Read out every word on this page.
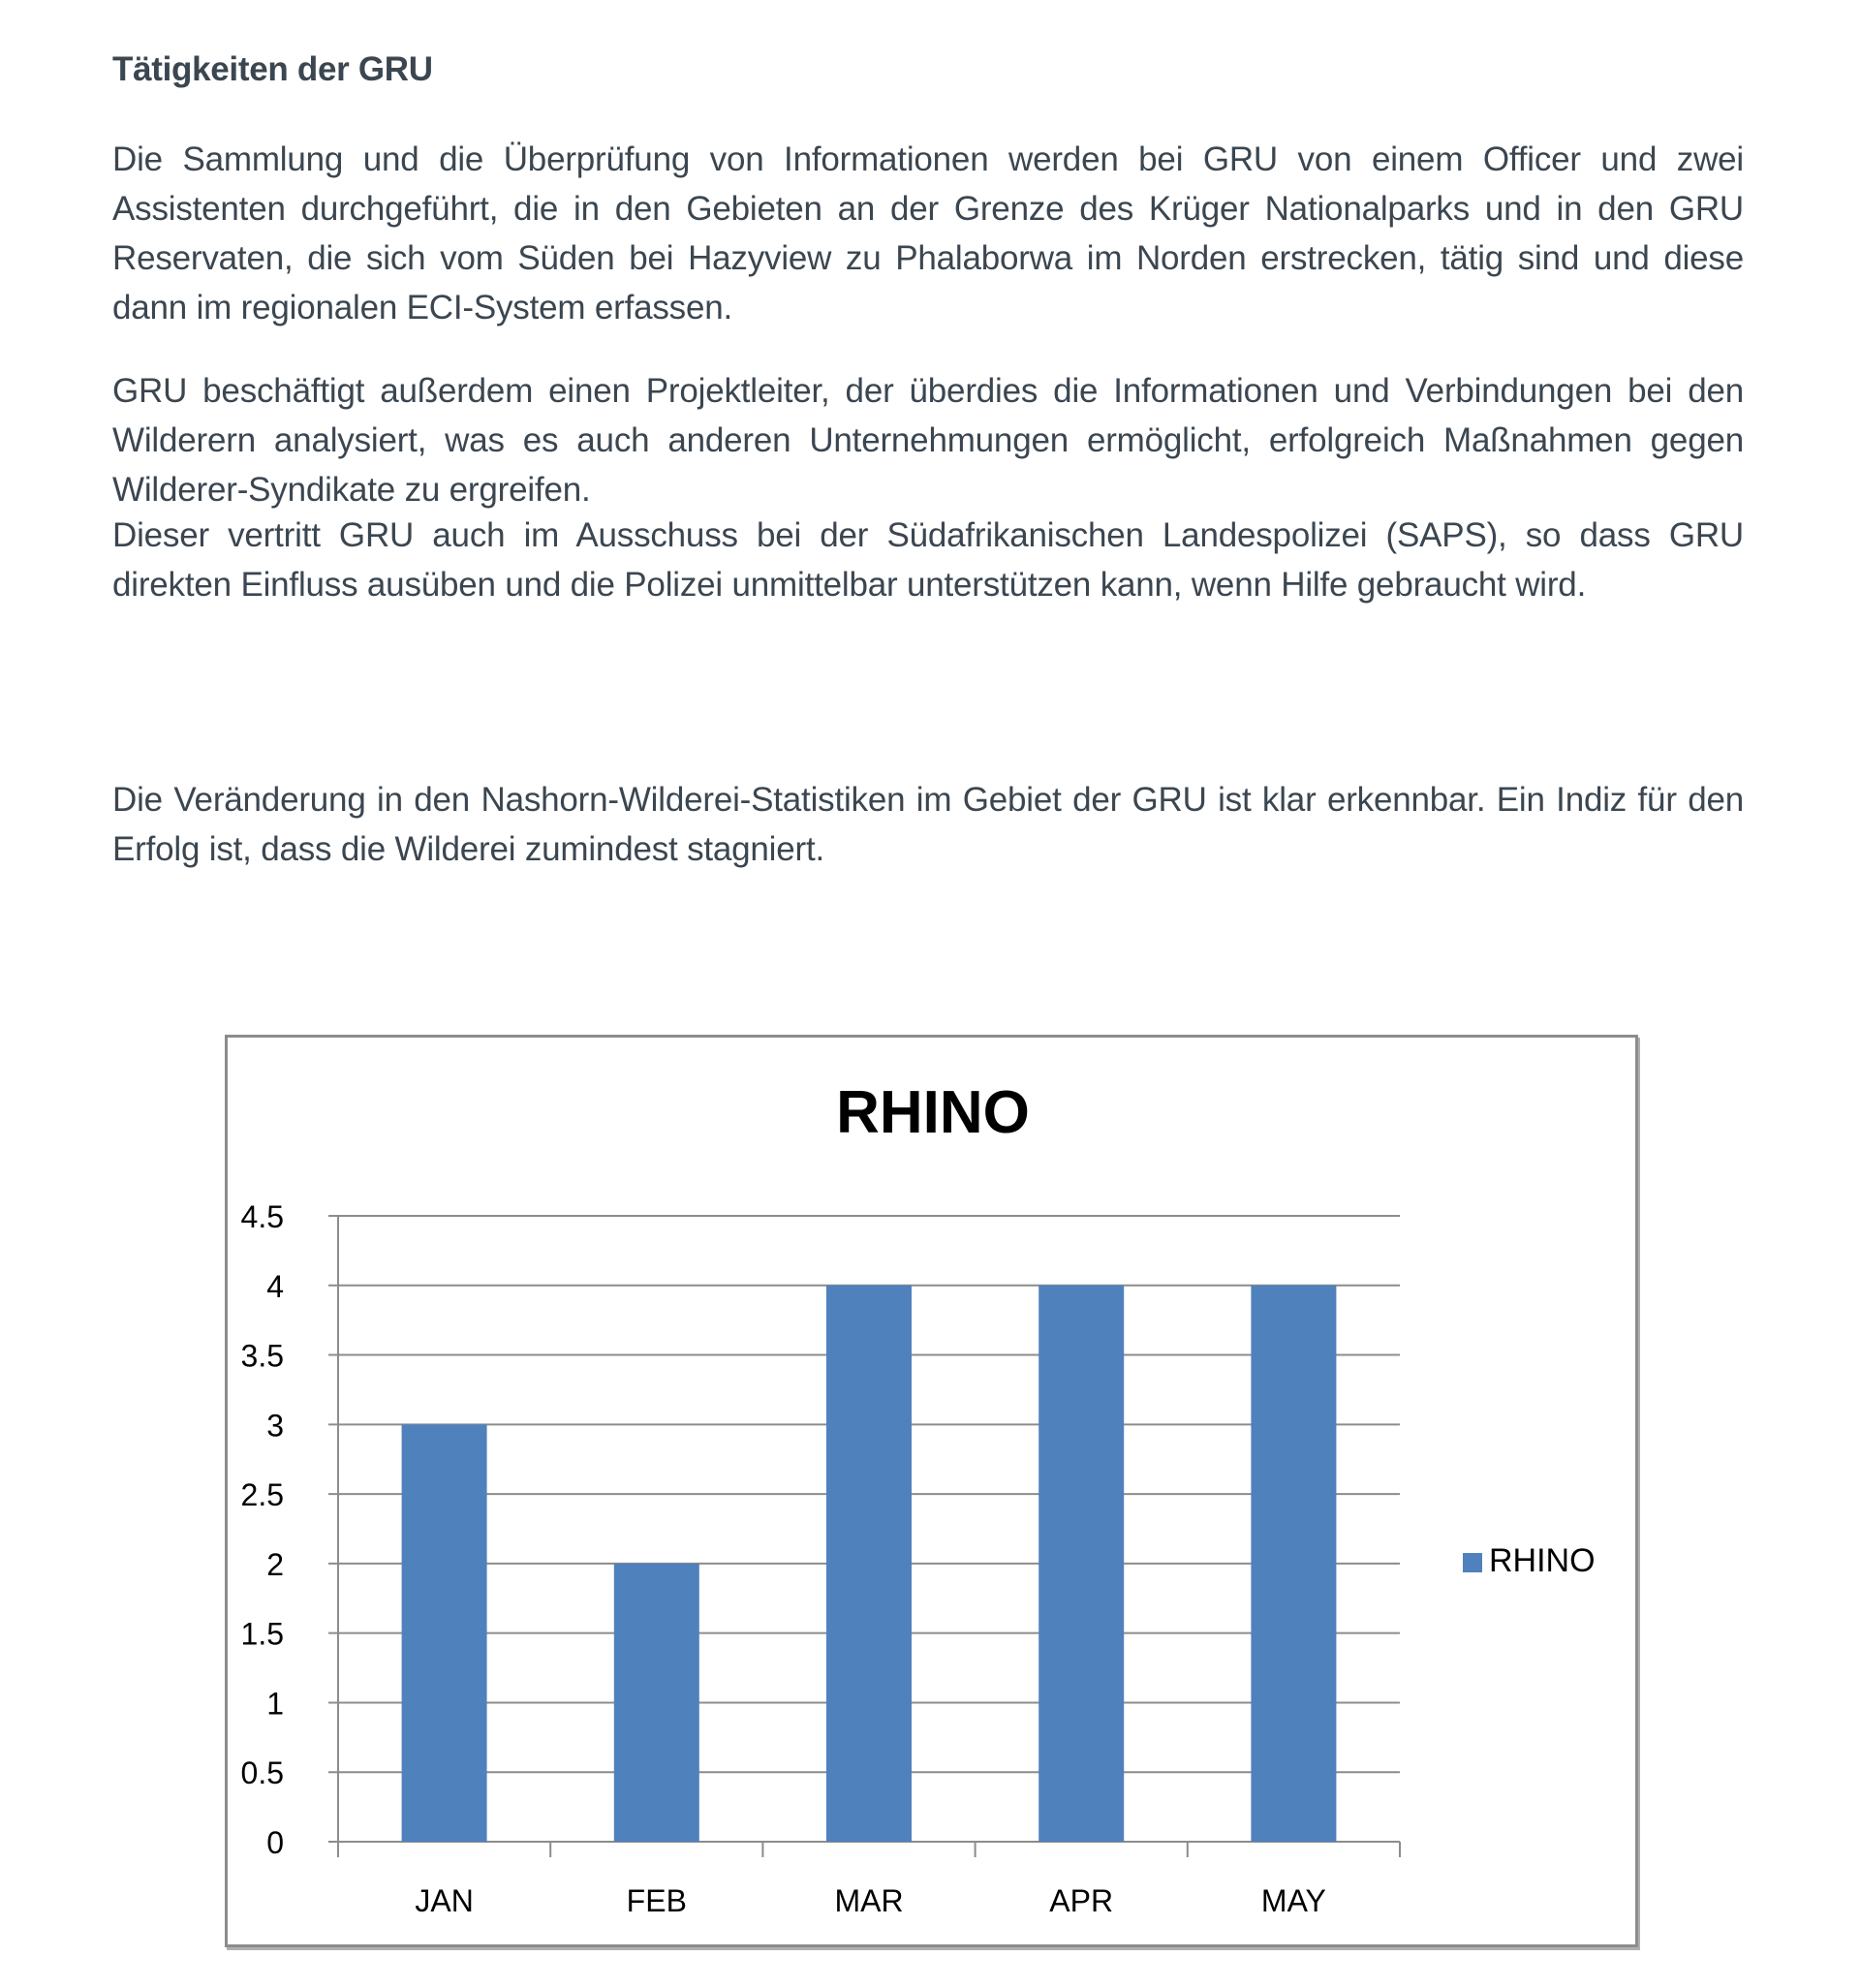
Tätigkeiten der GRU

Die Sammlung und die Überprüfung von Informationen werden bei GRU von einem Officer und zwei Assistenten durchgeführt, die in den Gebieten an der Grenze des Krüger Nationalparks und in den GRU Reservaten, die sich vom Süden bei Hazyview zu Phalaborwa im Norden erstrecken, tätig sind und diese dann im regionalen ECI-System erfassen.

GRU beschäftigt außerdem einen Projektleiter, der überdies die Informationen und Verbindungen bei den Wilderern analysiert, was es auch anderen Unternehmungen ermöglicht, erfolgreich Maßnahmen gegen Wilderer-Syndikate zu ergreifen.

Dieser vertritt GRU auch im Ausschuss bei der Südafrikanischen Landespolizei (SAPS), so dass GRU direkten Einfluss ausüben und die Polizei unmittelbar unterstützen kann, wenn Hilfe gebraucht wird.

Die Veränderung in den Nashorn-Wilderei-Statistiken im Gebiet der GRU ist klar erkennbar. Ein Indiz für den Erfolg ist, dass die Wilderei zumindest stagniert.

RHINO
0
0.5
1
1.5
2
2.5
3
3.5
4
4.5
JAN	FEB	MAR	APR	MAY
RHINO
